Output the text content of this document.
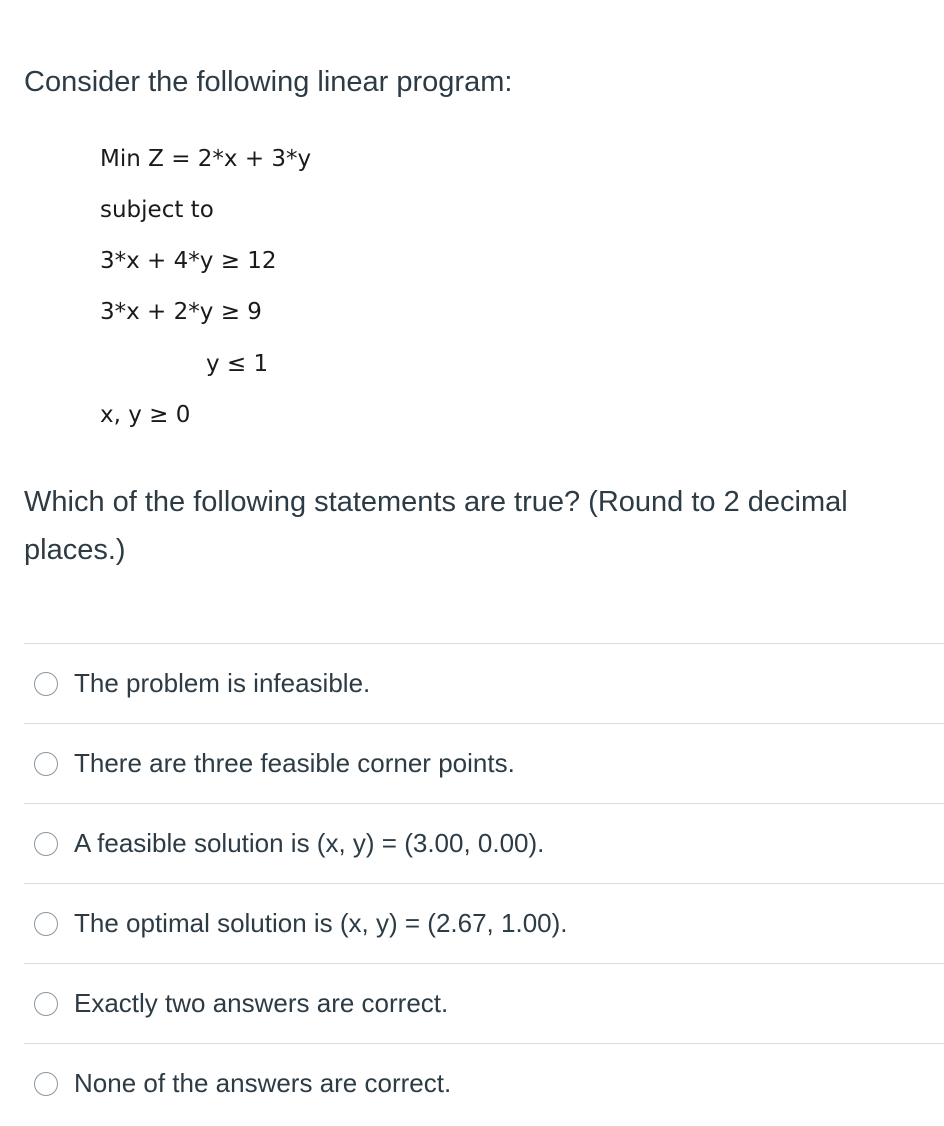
Consider the following linear program:
Min Z = 2*x + 3*y
subject to
3*x + 4*y ≥ 12
3*x + 2*y ≥ 9
y ≤ 1
x, y ≥ 0

Which of the following statements are true? (Round to 2 decimal places.)

The problem is infeasible.
There are three feasible corner points.
A feasible solution is (x, y) = (3.00, 0.00).
The optimal solution is (x, y) = (2.67, 1.00).
Exactly two answers are correct.
None of the answers are correct.
